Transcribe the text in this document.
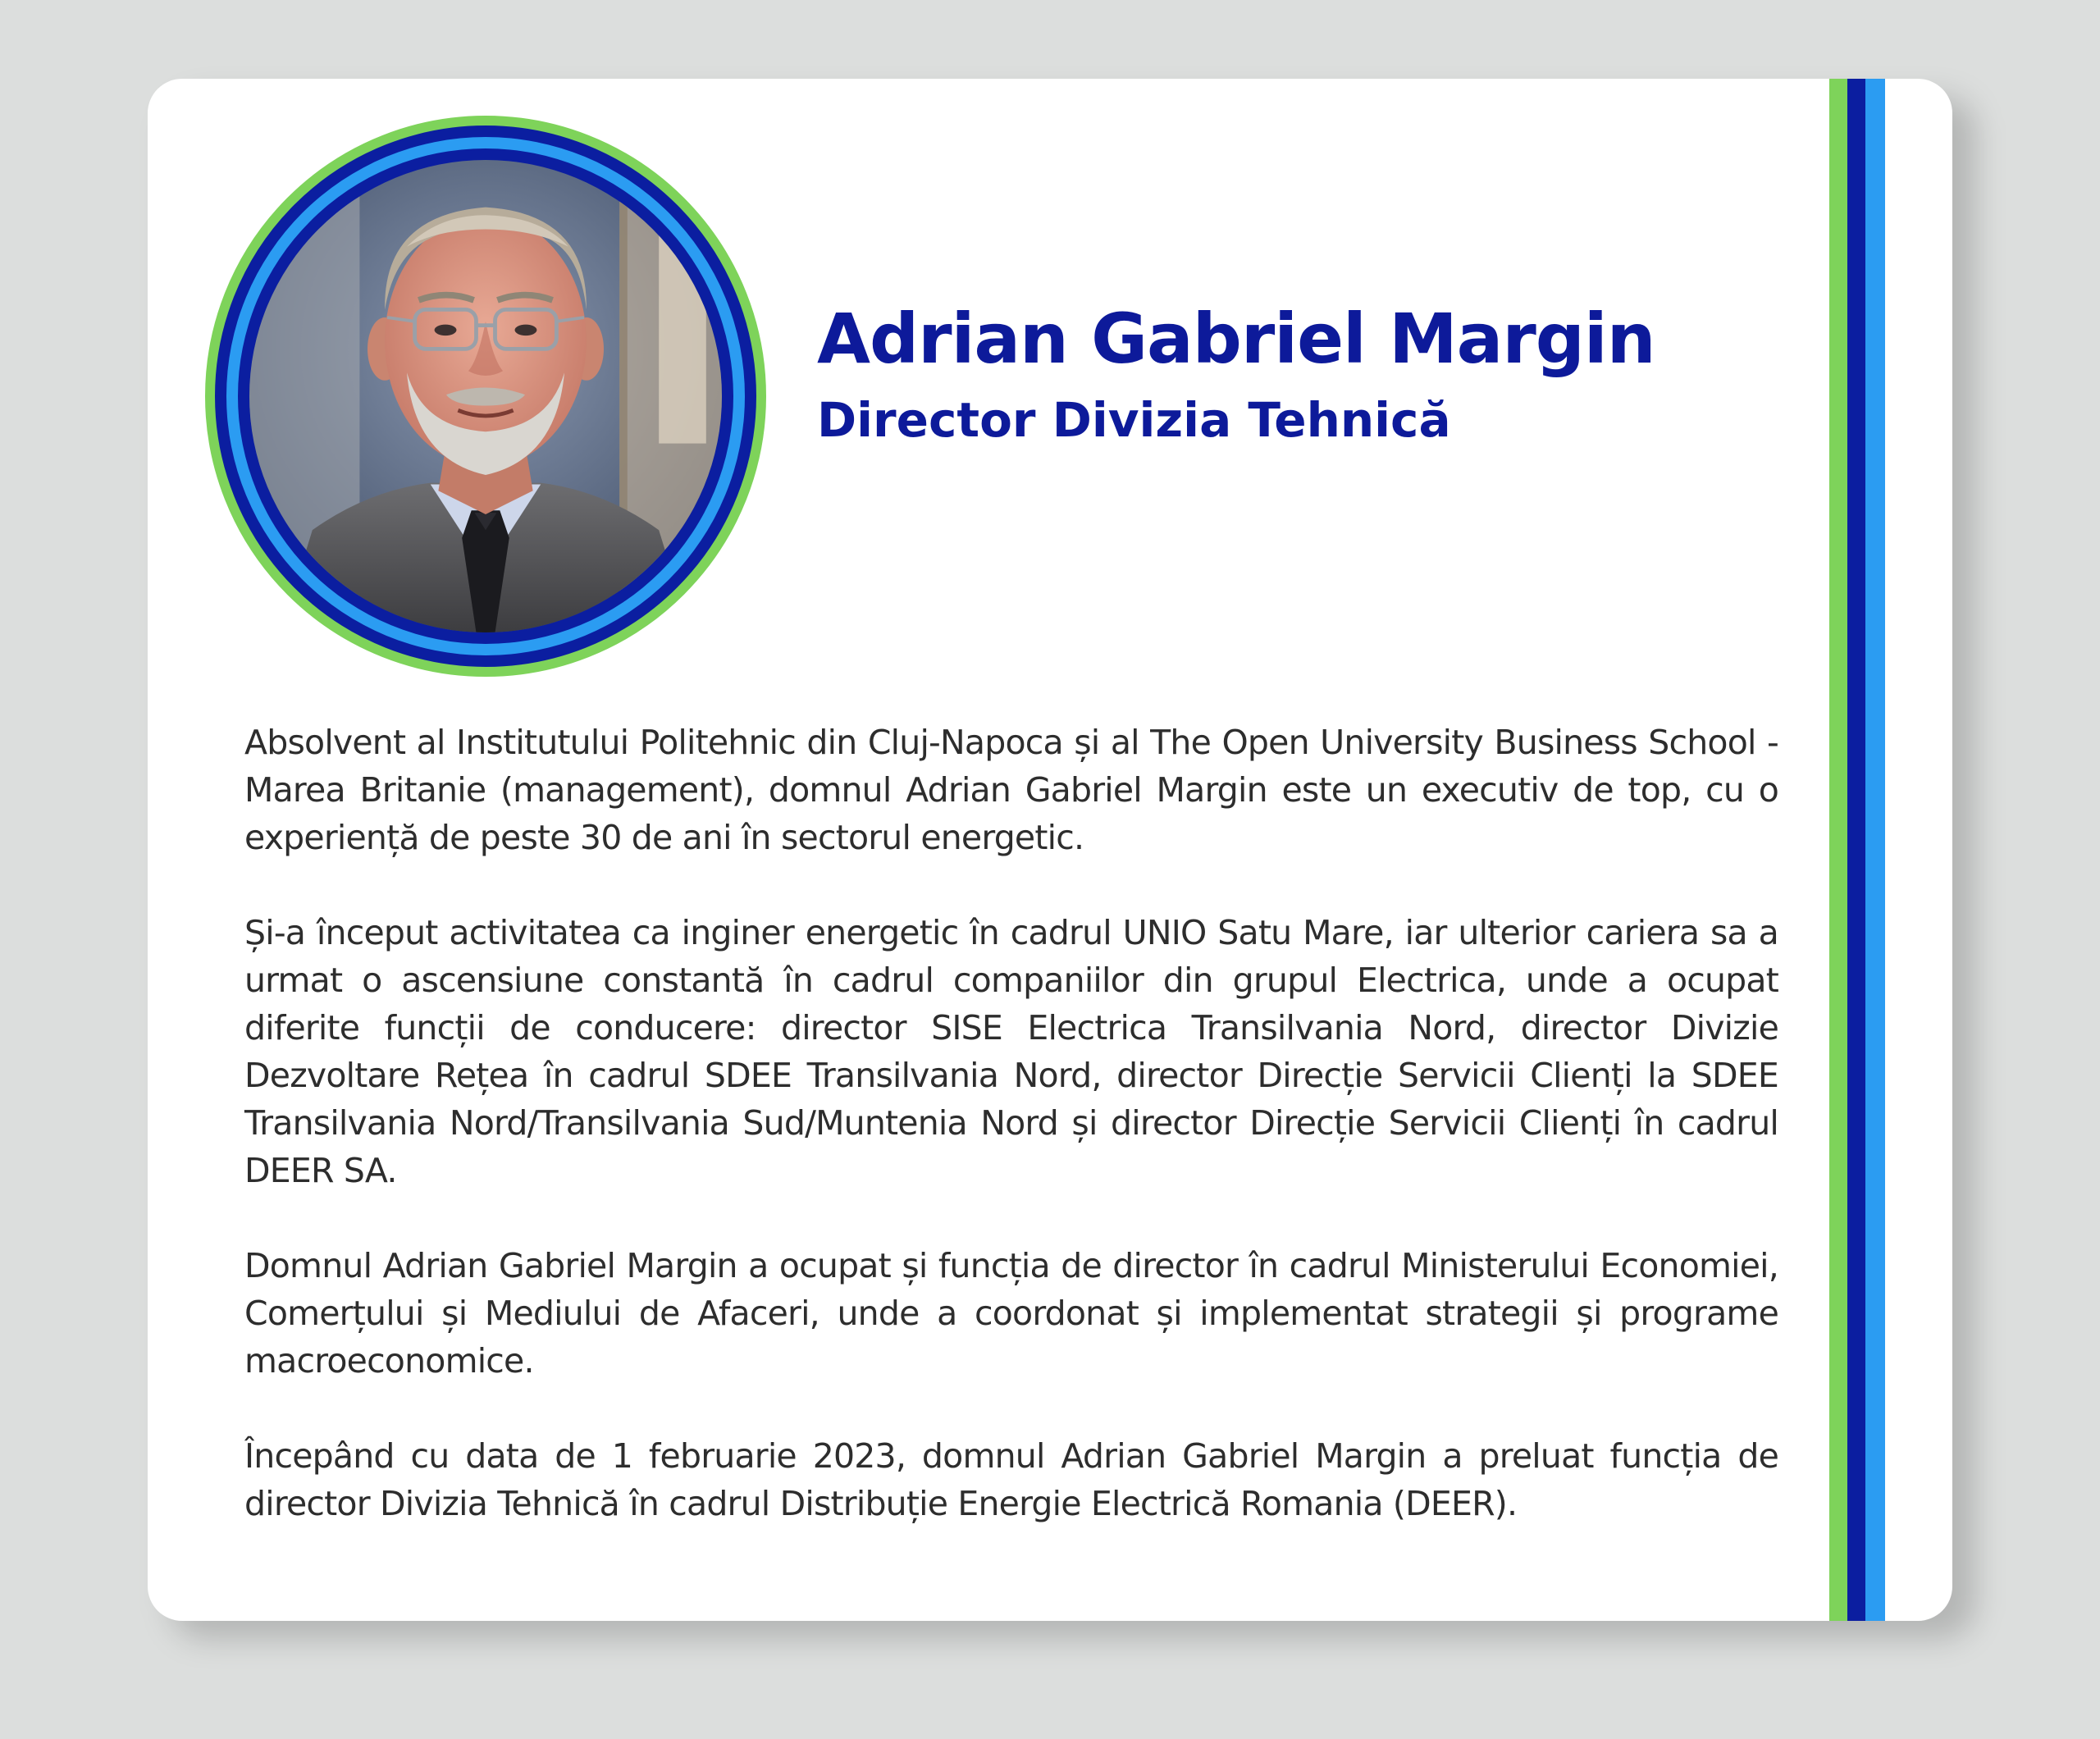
Adrian Gabriel Margin
Director Divizia Tehnică

Absolvent al Institutului Politehnic din Cluj-Napoca și al The Open University Business School - Marea Britanie (management), domnul Adrian Gabriel Margin este un executiv de top, cu o experiență de peste 30 de ani în sectorul energetic.

Și-a început activitatea ca inginer energetic în cadrul UNIO Satu Mare, iar ulterior cariera sa a urmat o ascensiune constantă în cadrul companiilor din grupul Electrica, unde a ocupat diferite funcții de conducere: director SISE Electrica Transilvania Nord, director Divizie Dezvoltare Rețea în cadrul SDEE Transilvania Nord, director Direcție Servicii Clienți la SDEE Transilvania Nord/Transilvania Sud/Muntenia Nord și director Direcție Servicii Clienți în cadrul DEER SA.

Domnul Adrian Gabriel Margin a ocupat și funcția de director în cadrul Ministerului Economiei, Comerțului și Mediului de Afaceri, unde a coordonat și implementat strategii și programe macroeconomice.

Începând cu data de 1 februarie 2023, domnul Adrian Gabriel Margin a preluat funcția de director Divizia Tehnică în cadrul Distribuție Energie Electrică Romania (DEER).
